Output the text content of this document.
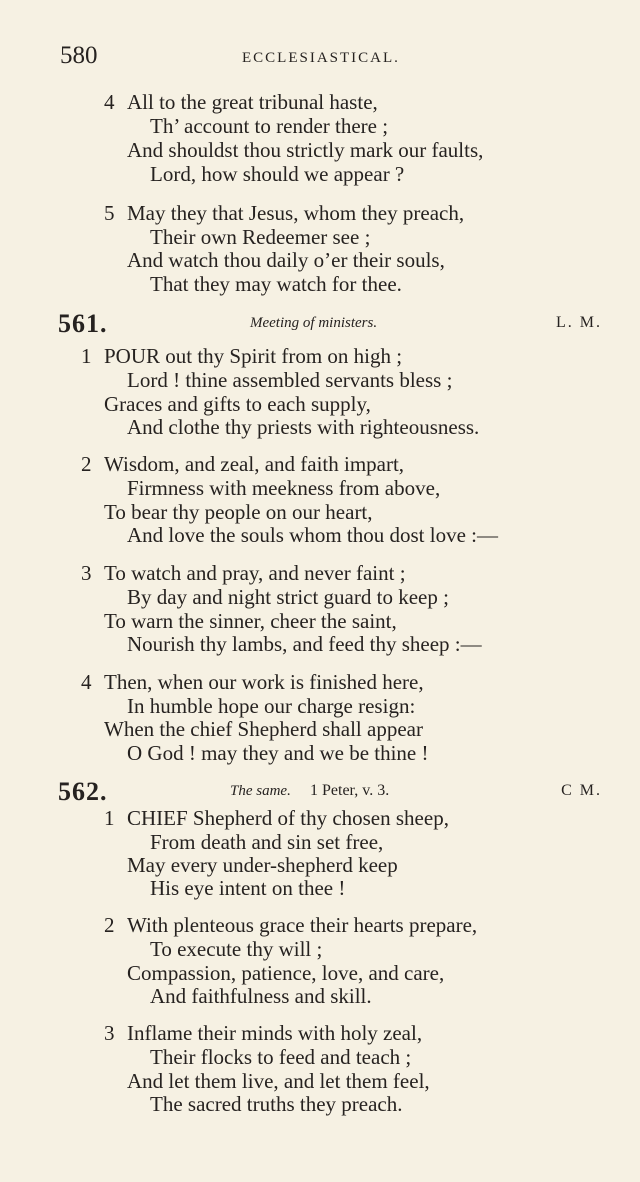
580	ECCLESIASTICAL.
4 All to the great tribunal haste,
Th’ account to render there ;
And shouldst thou strictly mark our faults,
Lord, how should we appear ?
5 May they that Jesus, whom they preach,
Their own Redeemer see ;
And watch thou daily o’er their souls,
That they may watch for thee.
561.	Meeting of ministers.	L. M.
1 POUR out thy Spirit from on high ;
Lord ! thine assembled servants bless ;
Graces and gifts to each supply,
And clothe thy priests with righteousness.
2 Wisdom, and zeal, and faith impart,
Firmness with meekness from above,
To bear thy people on our heart,
And love the souls whom thou dost love :—
3 To watch and pray, and never faint ;
By day and night strict guard to keep ;
To warn the sinner, cheer the saint,
Nourish thy lambs, and feed thy sheep :—
4 Then, when our work is finished here,
In humble hope our charge resign:
When the chief Shepherd shall appear
O God ! may they and we be thine !
562.	The same. 1 Peter, v. 3.	C M.
1 CHIEF Shepherd of thy chosen sheep,
From death and sin set free,
May every under-shepherd keep
His eye intent on thee !
2 With plenteous grace their hearts prepare,
To execute thy will ;
Compassion, patience, love, and care,
And faithfulness and skill.
3 Inflame their minds with holy zeal,
Their flocks to feed and teach ;
And let them live, and let them feel,
The sacred truths they preach.
